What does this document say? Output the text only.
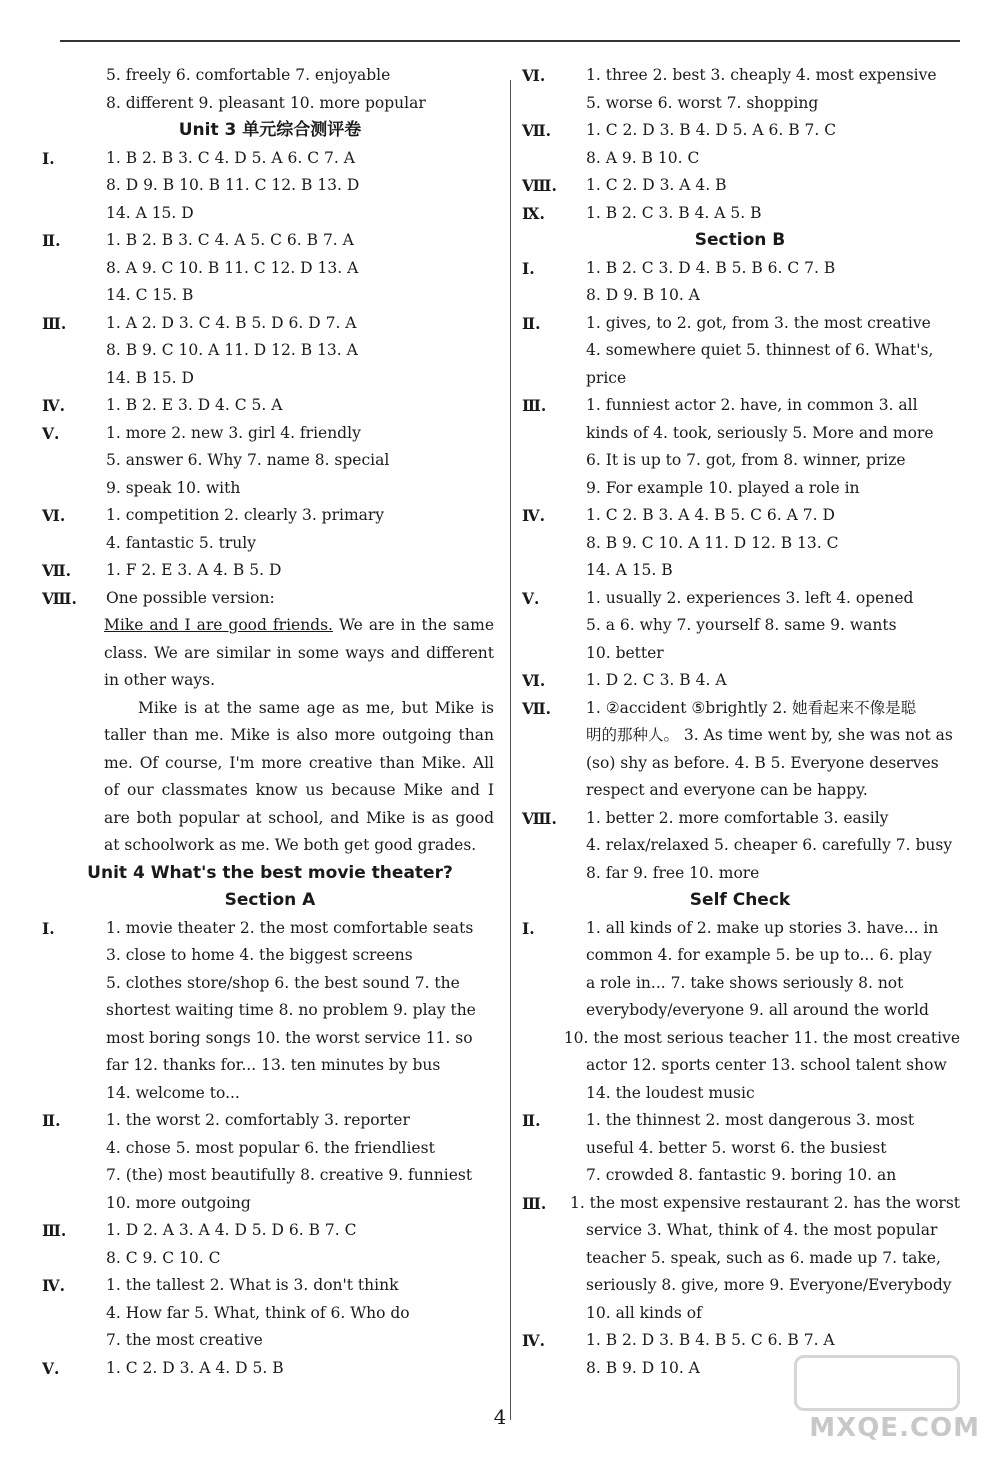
5. freely 6. comfortable 7. enjoyable
8. different 9. pleasant 10. more popular
Unit 3 单元综合测评卷
Ⅰ.	1. B 2. B 3. C 4. D 5. A 6. C 7. A
8. D 9. B 10. B 11. C 12. B 13. D
14. A 15. D
Ⅱ.	1. B 2. B 3. C 4. A 5. C 6. B 7. A
8. A 9. C 10. B 11. C 12. D 13. A
14. C 15. B
Ⅲ.	1. A 2. D 3. C 4. B 5. D 6. D 7. A
8. B 9. C 10. A 11. D 12. B 13. A
14. B 15. D
Ⅳ.	1. B 2. E 3. D 4. C 5. A
Ⅴ.	1. more 2. new 3. girl 4. friendly
5. answer 6. Why 7. name 8. special
9. speak 10. with
Ⅵ.	1. competition 2. clearly 3. primary
4. fantastic 5. truly
Ⅶ.	1. F 2. E 3. A 4. B 5. D
Ⅷ.	One possible version:
Mike and I are good friends. We are in the same class. We are similar in some ways and different in other ways.
Mike is at the same age as me, but Mike is taller than me. Mike is also more outgoing than me. Of course, I'm more creative than Mike. All of our classmates know us because Mike and I are both popular at school, and Mike is as good at schoolwork as me. We both get good grades.
Unit 4 What's the best movie theater?
Section A
Ⅰ.	1. movie theater 2. the most comfortable seats
3. close to home 4. the biggest screens
5. clothes store/shop 6. the best sound 7. the
shortest waiting time 8. no problem 9. play the
most boring songs 10. the worst service 11. so
far 12. thanks for... 13. ten minutes by bus
14. welcome to...
Ⅱ.	1. the worst 2. comfortably 3. reporter
4. chose 5. most popular 6. the friendliest
7. (the) most beautifully 8. creative 9. funniest
10. more outgoing
Ⅲ.	1. D 2. A 3. A 4. D 5. D 6. B 7. C
8. C 9. C 10. C
Ⅳ.	1. the tallest 2. What is 3. don't think
4. How far 5. What, think of 6. Who do
7. the most creative
Ⅴ.	1. C 2. D 3. A 4. D 5. B
Ⅵ.	1. three 2. best 3. cheaply 4. most expensive
5. worse 6. worst 7. shopping
Ⅶ.	1. C 2. D 3. B 4. D 5. A 6. B 7. C
8. A 9. B 10. C
Ⅷ.	1. C 2. D 3. A 4. B
Ⅸ.	1. B 2. C 3. B 4. A 5. B
Section B
Ⅰ.	1. B 2. C 3. D 4. B 5. B 6. C 7. B
8. D 9. B 10. A
Ⅱ.	1. gives, to 2. got, from 3. the most creative
4. somewhere quiet 5. thinnest of 6. What's,
price
Ⅲ.	1. funniest actor 2. have, in common 3. all
kinds of 4. took, seriously 5. More and more
6. It is up to 7. got, from 8. winner, prize
9. For example 10. played a role in
Ⅳ.	1. C 2. B 3. A 4. B 5. C 6. A 7. D
8. B 9. C 10. A 11. D 12. B 13. C
14. A 15. B
Ⅴ.	1. usually 2. experiences 3. left 4. opened
5. a 6. why 7. yourself 8. same 9. wants
10. better
Ⅵ.	1. D 2. C 3. B 4. A
Ⅶ.	1. ②accident ⑤brightly 2. 她看起来不像是聪
明的那种人。 3. As time went by, she was not as
(so) shy as before. 4. B 5. Everyone deserves
respect and everyone can be happy.
Ⅷ.	1. better 2. more comfortable 3. easily
4. relax/relaxed 5. cheaper 6. carefully 7. busy
8. far 9. free 10. more
Self Check
Ⅰ.	1. all kinds of 2. make up stories 3. have... in
common 4. for example 5. be up to... 6. play
a role in... 7. take shows seriously 8. not
everybody/everyone 9. all around the world
10. the most serious teacher 11. the most creative
actor 12. sports center 13. school talent show
14. the loudest music
Ⅱ.	1. the thinnest 2. most dangerous 3. most
useful 4. better 5. worst 6. the busiest
7. crowded 8. fantastic 9. boring 10. an
Ⅲ.	1. the most expensive restaurant 2. has the worst
service 3. What, think of 4. the most popular
teacher 5. speak, such as 6. made up 7. take,
seriously 8. give, more 9. Everyone/Everybody
10. all kinds of
Ⅳ.	1. B 2. D 3. B 4. B 5. C 6. B 7. A
8. B 9. D 10. A
4	MXQE.COM
